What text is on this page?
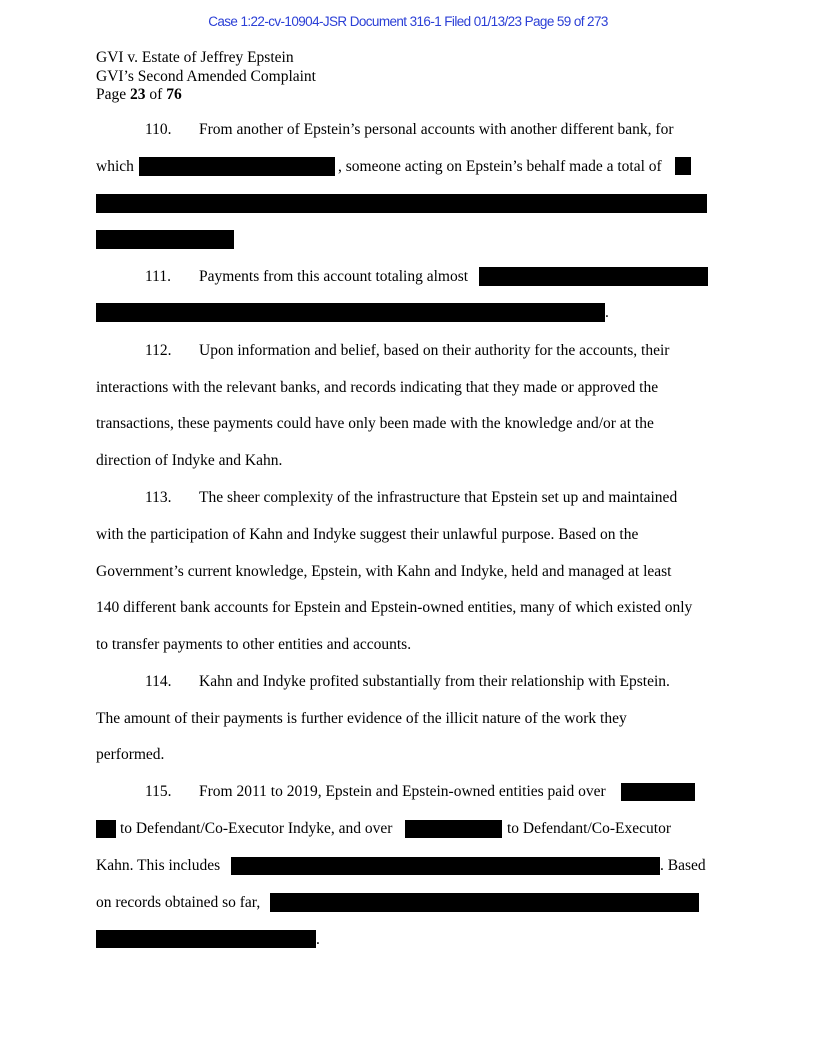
Case 1:22-cv-10904-JSR Document 316-1 Filed 01/13/23 Page 59 of 273
GVI v. Estate of Jeffrey Epstein
GVI’s Second Amended Complaint
Page 23 of 76
110. From another of Epstein’s personal accounts with another different bank, for
which	, someone acting on Epstein’s behalf made a total of
111. Payments from this account totaling almost
.
112. Upon information and belief, based on their authority for the accounts, their
interactions with the relevant banks, and records indicating that they made or approved the
transactions, these payments could have only been made with the knowledge and/or at the
direction of Indyke and Kahn.
113. The sheer complexity of the infrastructure that Epstein set up and maintained
with the participation of Kahn and Indyke suggest their unlawful purpose. Based on the
Government’s current knowledge, Epstein, with Kahn and Indyke, held and managed at least
140 different bank accounts for Epstein and Epstein-owned entities, many of which existed only
to transfer payments to other entities and accounts.
114. Kahn and Indyke profited substantially from their relationship with Epstein.
The amount of their payments is further evidence of the illicit nature of the work they
performed.
115. From 2011 to 2019, Epstein and Epstein-owned entities paid over
to Defendant/Co-Executor Indyke, and over	to Defendant/Co-Executor
Kahn. This includes	. Based
on records obtained so far,
.
